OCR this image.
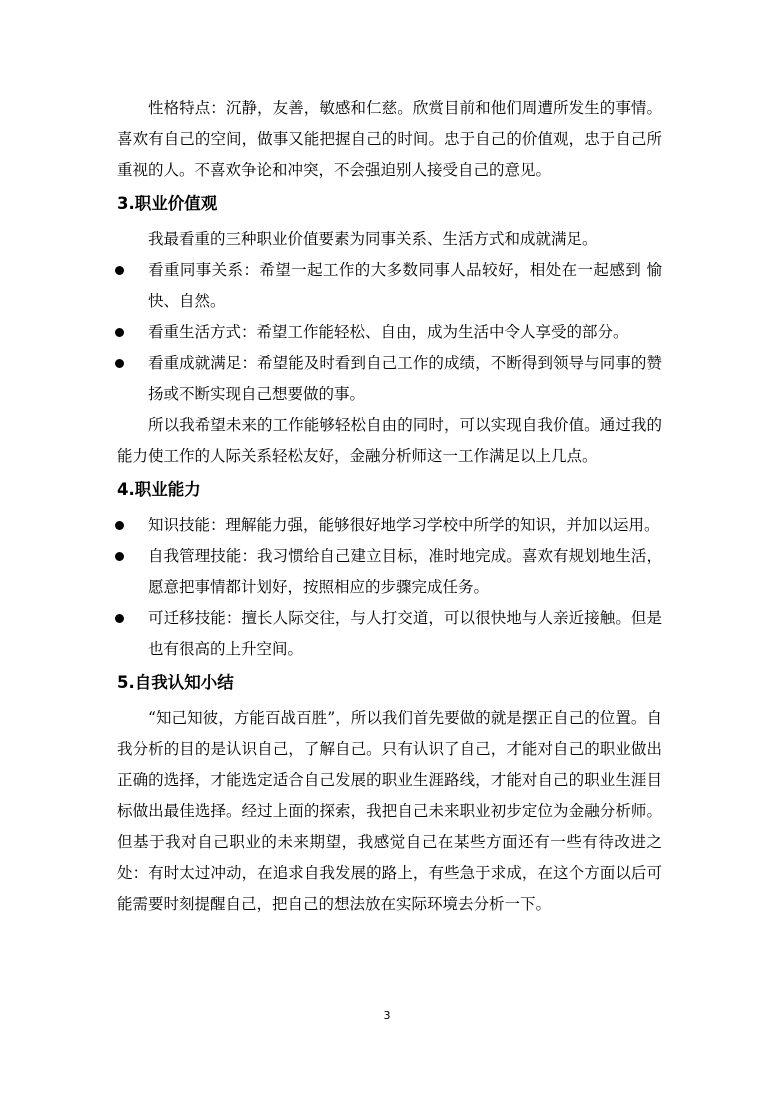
性格特点：沉静，友善，敏感和仁慈。欣赏目前和他们周遭所发生的事情。喜欢有自己的空间，做事又能把握自己的时间。忠于自己的价值观，忠于自己所重视的人。不喜欢争论和冲突，不会强迫别人接受自己的意见。

3.职业价值观

我最看重的三种职业价值要素为同事关系、生活方式和成就满足。

看重同事关系：希望一起工作的大多数同事人品较好，相处在一起感到 愉快、自然。
看重生活方式：希望工作能轻松、自由，成为生活中令人享受的部分。
看重成就满足：希望能及时看到自己工作的成绩，不断得到领导与同事的赞扬或不断实现自己想要做的事。

所以我希望未来的工作能够轻松自由的同时，可以实现自我价值。通过我的能力使工作的人际关系轻松友好，金融分析师这一工作满足以上几点。

4.职业能力
知识技能：理解能力强，能够很好地学习学校中所学的知识，并加以运用。
自我管理技能：我习惯给自己建立目标，准时地完成。喜欢有规划地生活，愿意把事情都计划好，按照相应的步骤完成任务。
可迁移技能：擅长人际交往，与人打交道，可以很快地与人亲近接触。但是也有很高的上升空间。
5.自我认知小结

“知己知彼，方能百战百胜”，所以我们首先要做的就是摆正自己的位置。自我分析的目的是认识自己，了解自己。只有认识了自己，才能对自己的职业做出正确的选择，才能选定适合自己发展的职业生涯路线，才能对自己的职业生涯目标做出最佳选择。经过上面的探索，我把自己未来职业初步定位为金融分析师。但基于我对自己职业的未来期望，我感觉自己在某些方面还有一些有待改进之处：有时太过冲动，在追求自我发展的路上，有些急于求成，在这个方面以后可能需要时刻提醒自己，把自己的想法放在实际环境去分析一下。

3
